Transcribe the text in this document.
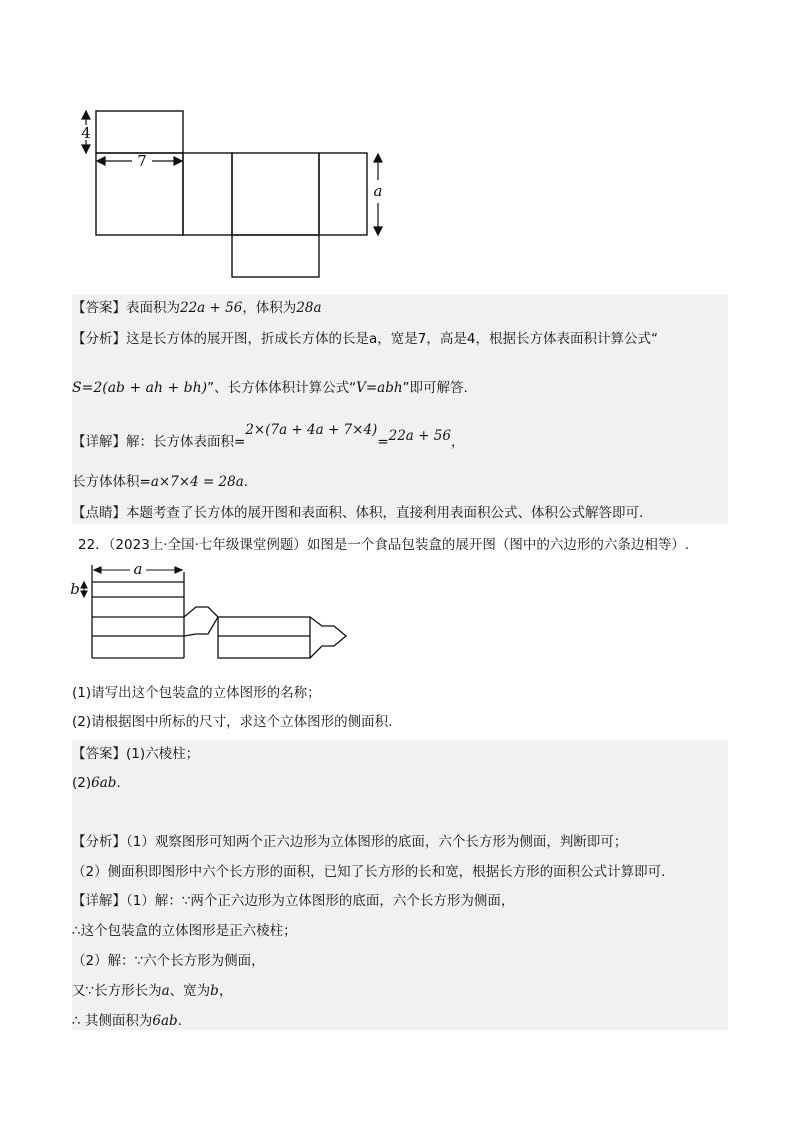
4
7
a
【答案】表面积为22a + 56，体积为28a
【分析】这是长方体的展开图，折成长方体的长是a，宽是7，高是4，根据长方体表面积计算公式“
S=2(ab + ah + bh)”、长方体体积计算公式“V=abh”即可解答.
【详解】解：长方体表面积=2×(7a + 4a + 7×4)=22a + 56，
长方体体积=a×7×4 = 28a.
【点睛】本题考查了长方体的展开图和表面积、体积，直接利用表面积公式、体积公式解答即可.
22．（2023上·全国·七年级课堂例题）如图是一个食品包装盒的展开图（图中的六边形的六条边相等）.
a
b
(1)请写出这个包装盒的立体图形的名称；
(2)请根据图中所标的尺寸，求这个立体图形的侧面积.
【答案】(1)六棱柱；
(2)6ab.
【分析】（1）观察图形可知两个正六边形为立体图形的底面，六个长方形为侧面，判断即可；
（2）侧面积即图形中六个长方形的面积，已知了长方形的长和宽，根据长方形的面积公式计算即可.
【详解】（1）解：∵两个正六边形为立体图形的底面，六个长方形为侧面，
∴这个包装盒的立体图形是正六棱柱；
（2）解：∵六个长方形为侧面，
又∵长方形长为a、宽为b，
∴ 其侧面积为6ab.
